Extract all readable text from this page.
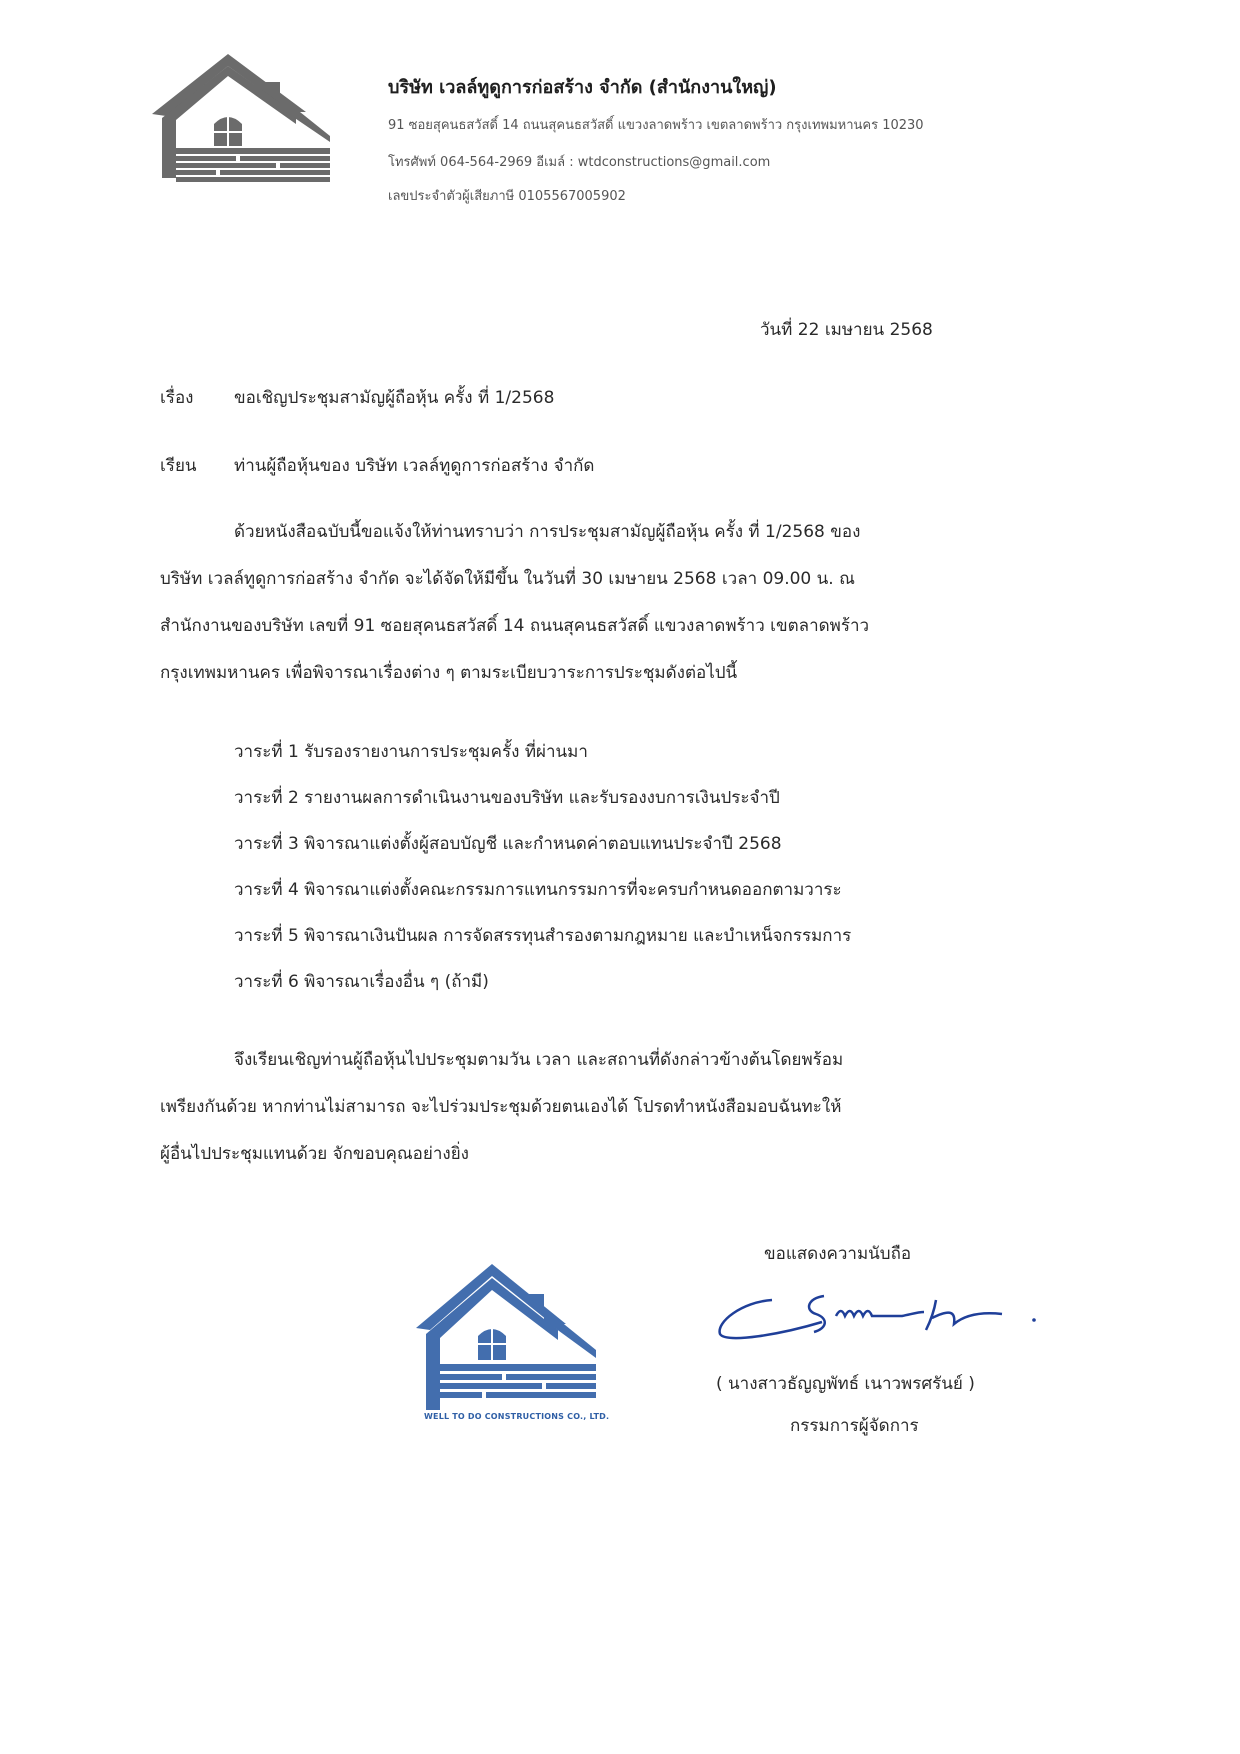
บริษัท เวลล์ทูดูการก่อสร้าง จำกัด (สำนักงานใหญ่)
91 ซอยสุคนธสวัสดิ์ 14 ถนนสุคนธสวัสดิ์ แขวงลาดพร้าว เขตลาดพร้าว กรุงเทพมหานคร 10230
โทรศัพท์ 064-564-2969 อีเมล์ : wtdconstructions@gmail.com
เลขประจำตัวผู้เสียภาษี 0105567005902
วันที่ 22 เมษายน 2568
เรื่อง ขอเชิญประชุมสามัญผู้ถือหุ้น ครั้ง ที่ 1/2568
เรียน ท่านผู้ถือหุ้นของ บริษัท เวลล์ทูดูการก่อสร้าง จำกัด
ด้วยหนังสือฉบับนี้ขอแจ้งให้ท่านทราบว่า การประชุมสามัญผู้ถือหุ้น ครั้ง ที่ 1/2568 ของ
บริษัท เวลล์ทูดูการก่อสร้าง จำกัด จะได้จัดให้มีขึ้น ในวันที่ 30 เมษายน 2568 เวลา 09.00 น. ณ
สำนักงานของบริษัท เลขที่ 91 ซอยสุคนธสวัสดิ์ 14 ถนนสุคนธสวัสดิ์ แขวงลาดพร้าว เขตลาดพร้าว
กรุงเทพมหานคร เพื่อพิจารณาเรื่องต่าง ๆ ตามระเบียบวาระการประชุมดังต่อไปนี้
วาระที่ 1 รับรองรายงานการประชุมครั้ง ที่ผ่านมา
วาระที่ 2 รายงานผลการดำเนินงานของบริษัท และรับรองงบการเงินประจำปี
วาระที่ 3 พิจารณาแต่งตั้งผู้สอบบัญชี และกำหนดค่าตอบแทนประจำปี 2568
วาระที่ 4 พิจารณาแต่งตั้งคณะกรรมการแทนกรรมการที่จะครบกำหนดออกตามวาระ
วาระที่ 5 พิจารณาเงินปันผล การจัดสรรทุนสำรองตามกฎหมาย และบำเหน็จกรรมการ
วาระที่ 6 พิจารณาเรื่องอื่น ๆ (ถ้ามี)
จึงเรียนเชิญท่านผู้ถือหุ้นไปประชุมตามวัน เวลา และสถานที่ดังกล่าวข้างต้นโดยพร้อม
เพรียงกันด้วย หากท่านไม่สามารถ จะไปร่วมประชุมด้วยตนเองได้ โปรดทำหนังสือมอบฉันทะให้
ผู้อื่นไปประชุมแทนด้วย จักขอบคุณอย่างยิ่ง
ขอแสดงความนับถือ
WELL TO DO CONSTRUCTIONS CO., LTD.
( นางสาวธัญญพัทธ์ เนาวพรศรันย์ )
กรรมการผู้จัดการ
